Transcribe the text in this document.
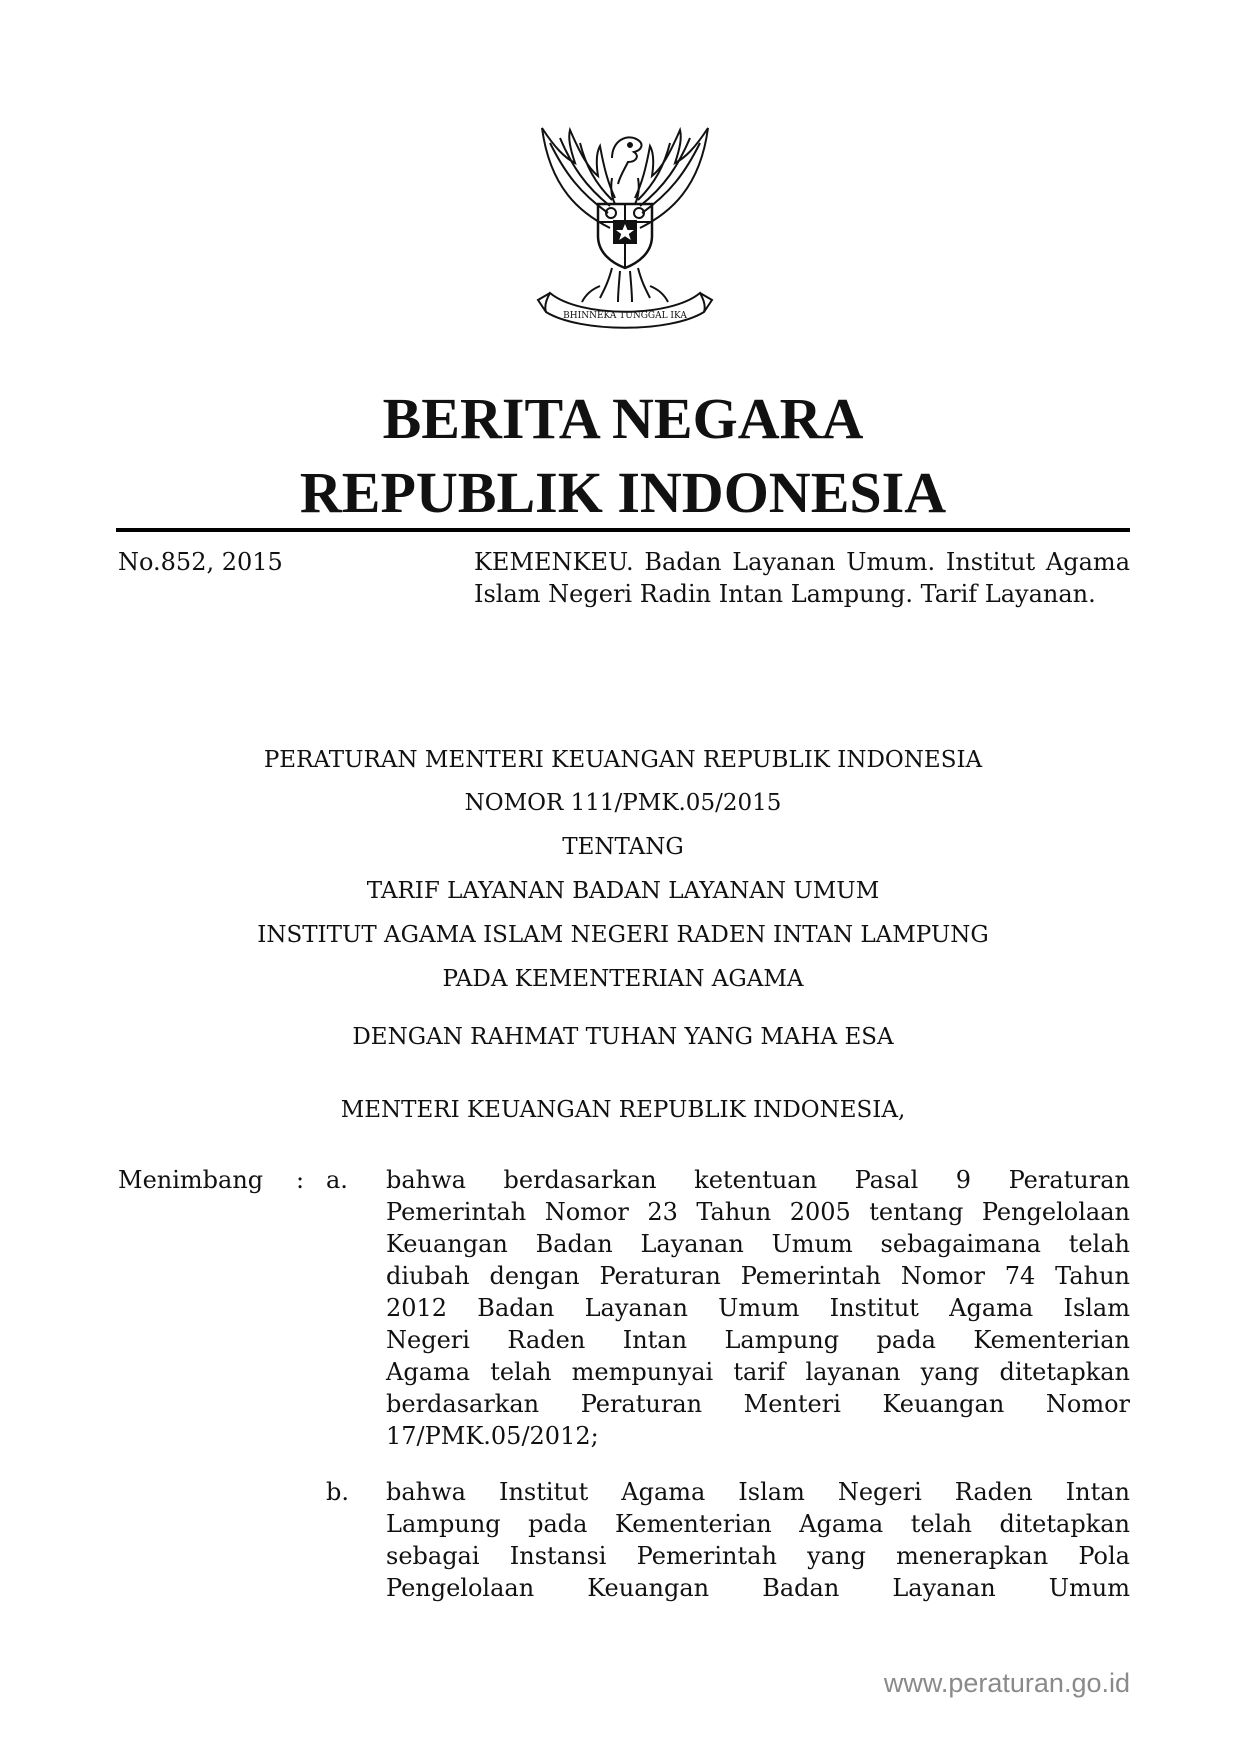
BHINNEKA TUNGGAL IKA
BERITA NEGARA
REPUBLIK INDONESIA
No.852, 2015	KEMENKEU. Badan Layanan Umum. Institut Agama Islam Negeri Radin Intan Lampung. Tarif Layanan.
PERATURAN MENTERI KEUANGAN REPUBLIK INDONESIA
NOMOR 111/PMK.05/2015
TENTANG
TARIF LAYANAN BADAN LAYANAN UMUM
INSTITUT AGAMA ISLAM NEGERI RADEN INTAN LAMPUNG
PADA KEMENTERIAN AGAMA
DENGAN RAHMAT TUHAN YANG MAHA ESA
MENTERI KEUANGAN REPUBLIK INDONESIA,
Menimbang : a. bahwa berdasarkan ketentuan Pasal 9 Peraturan
Pemerintah Nomor 23 Tahun 2005 tentang Pengelolaan
Keuangan Badan Layanan Umum sebagaimana telah
diubah dengan Peraturan Pemerintah Nomor 74 Tahun
2012 Badan Layanan Umum Institut Agama Islam
Negeri Raden Intan Lampung pada Kementerian
Agama telah mempunyai tarif layanan yang ditetapkan
berdasarkan Peraturan Menteri Keuangan Nomor
17/PMK.05/2012;
b. bahwa Institut Agama Islam Negeri Raden Intan
Lampung pada Kementerian Agama telah ditetapkan
sebagai Instansi Pemerintah yang menerapkan Pola
Pengelolaan Keuangan Badan Layanan Umum
www.peraturan.go.id
